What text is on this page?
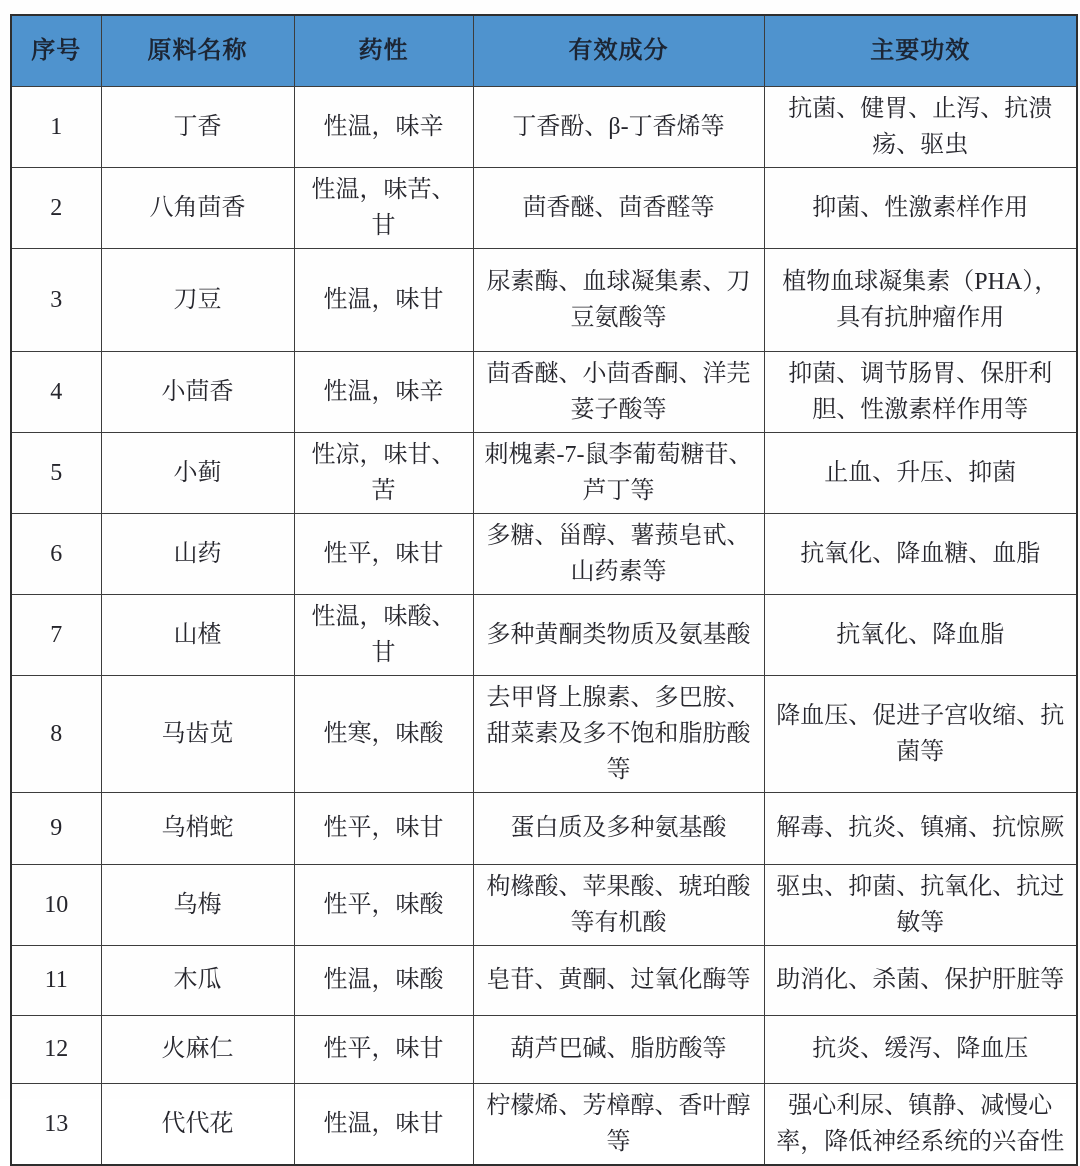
序号	原料名称	药性	有效成分	主要功效
1	丁香	性温，味辛	丁香酚、β-丁香烯等	抗菌、健胃、止泻、抗溃疡、驱虫
2	八角茴香	性温，味苦、甘	茴香醚、茴香醛等	抑菌、性激素样作用
3	刀豆	性温，味甘	尿素酶、血球凝集素、刀豆氨酸等	植物血球凝集素（PHA），具有抗肿瘤作用
4	小茴香	性温，味辛	茴香醚、小茴香酮、洋芫荽子酸等	抑菌、调节肠胃、保肝利胆、性激素样作用等
5	小蓟	性凉，味甘、苦	刺槐素-7-鼠李葡萄糖苷、芦丁等	止血、升压、抑菌
6	山药	性平，味甘	多糖、甾醇、薯蓣皂甙、山药素等	抗氧化、降血糖、血脂
7	山楂	性温，味酸、甘	多种黄酮类物质及氨基酸	抗氧化、降血脂
8	马齿苋	性寒，味酸	去甲肾上腺素、多巴胺、甜菜素及多不饱和脂肪酸等	降血压、促进子宫收缩、抗菌等
9	乌梢蛇	性平，味甘	蛋白质及多种氨基酸	解毒、抗炎、镇痛、抗惊厥
10	乌梅	性平，味酸	枸橼酸、苹果酸、琥珀酸等有机酸	驱虫、抑菌、抗氧化、抗过敏等
11	木瓜	性温，味酸	皂苷、黄酮、过氧化酶等	助消化、杀菌、保护肝脏等
12	火麻仁	性平，味甘	葫芦巴碱、脂肪酸等	抗炎、缓泻、降血压
13	代代花	性温，味甘	柠檬烯、芳樟醇、香叶醇等	强心利尿、镇静、减慢心率，降低神经系统的兴奋性
